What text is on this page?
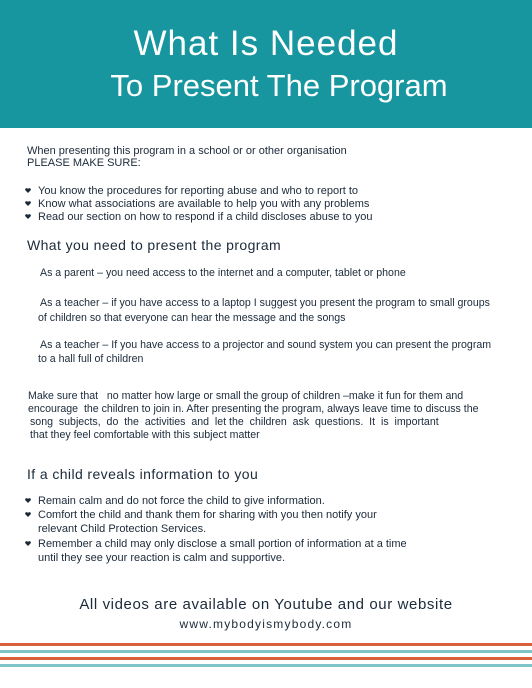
What Is Needed
To Present The Program
When presenting this program in a school or or other organisation
PLEASE MAKE SURE:
You know the procedures for reporting abuse and who to report to
Know what associations are available to help you with any problems
Read our section on how to respond if a child discloses abuse to you
What you need to present the program
As a parent – you need access to the internet and a computer, tablet or phone
As a teacher – if you have access to a laptop I suggest you present the program to small groups
of children so that everyone can hear the message and the songs
As a teacher – If you have access to a projector and sound system you can present the program
to a hall full of children
Make sure that   no matter how large or small the group of children –make it fun for them and
encourage  the children to join in. After presenting the program, always leave time to discuss the
song  subjects,  do  the  activities  and  let the  children  ask  questions.  It  is  important
that they feel comfortable with this subject matter
If a child reveals information to you
Remain calm and do not force the child to give information.
Comfort the child and thank them for sharing with you then notify your
relevant Child Protection Services.
Remember a child may only disclose a small portion of information at a time
until they see your reaction is calm and supportive.
All videos are available on Youtube and our website
www.mybodyismybody.com
